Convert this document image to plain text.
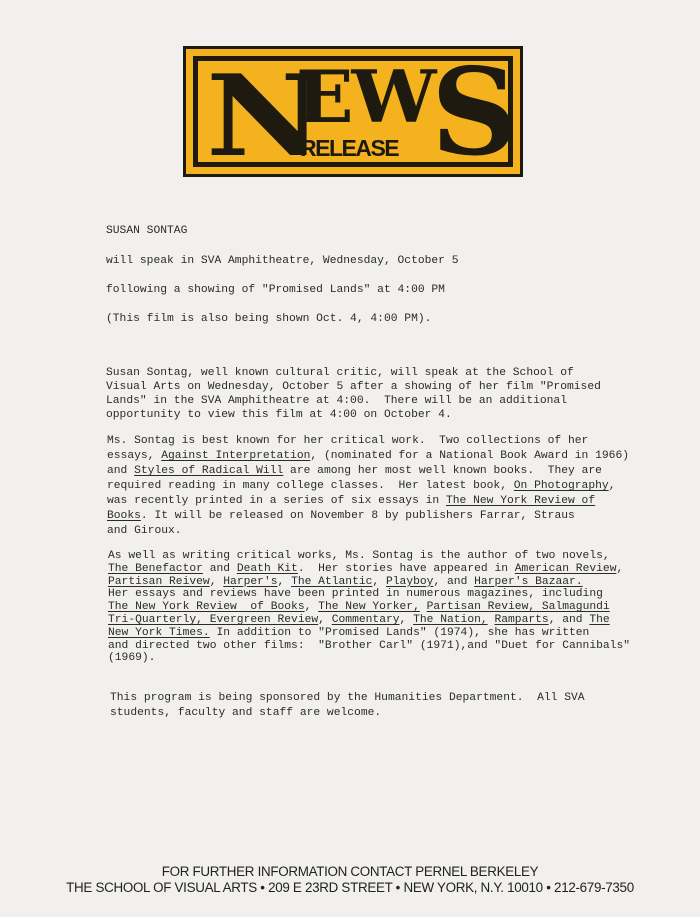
N
EW
S
RELEASE
SUSAN SONTAG
will speak in SVA Amphitheatre, Wednesday, October 5
following a showing of "Promised Lands" at 4:00 PM
(This film is also being shown Oct. 4, 4:00 PM).
Susan Sontag, well known cultural critic, will speak at the School of
Visual Arts on Wednesday, October 5 after a showing of her film "Promised
Lands" in the SVA Amphitheatre at 4:00.  There will be an additional
opportunity to view this film at 4:00 on October 4.
Ms. Sontag is best known for her critical work.  Two collections of her
essays, Against Interpretation, (nominated for a National Book Award in 1966)
and Styles of Radical Will are among her most well known books.  They are
required reading in many college classes.  Her latest book, On Photography,
was recently printed in a series of six essays in The New York Review of
Books. It will be released on November 8 by publishers Farrar, Straus
and Giroux.
As well as writing critical works, Ms. Sontag is the author of two novels,
The Benefactor and Death Kit.  Her stories have appeared in American Review,
Partisan Reivew, Harper's, The Atlantic, Playboy, and Harper's Bazaar.
Her essays and reviews have been printed in numerous magazines, including
The New York Review  of Books, The New Yorker, Partisan Review, Salmagundi
Tri-Quarterly, Evergreen Review, Commentary, The Nation, Ramparts, and The
New York Times. In addition to "Promised Lands" (1974), she has written
and directed two other films:  "Brother Carl" (1971),and "Duet for Cannibals"
(1969).
This program is being sponsored by the Humanities Department.  All SVA
students, faculty and staff are welcome.
FOR FURTHER INFORMATION CONTACT PERNEL BERKELEY
THE SCHOOL OF VISUAL ARTS • 209 E 23RD STREET • NEW YORK, N.Y. 10010 • 212-679-7350
